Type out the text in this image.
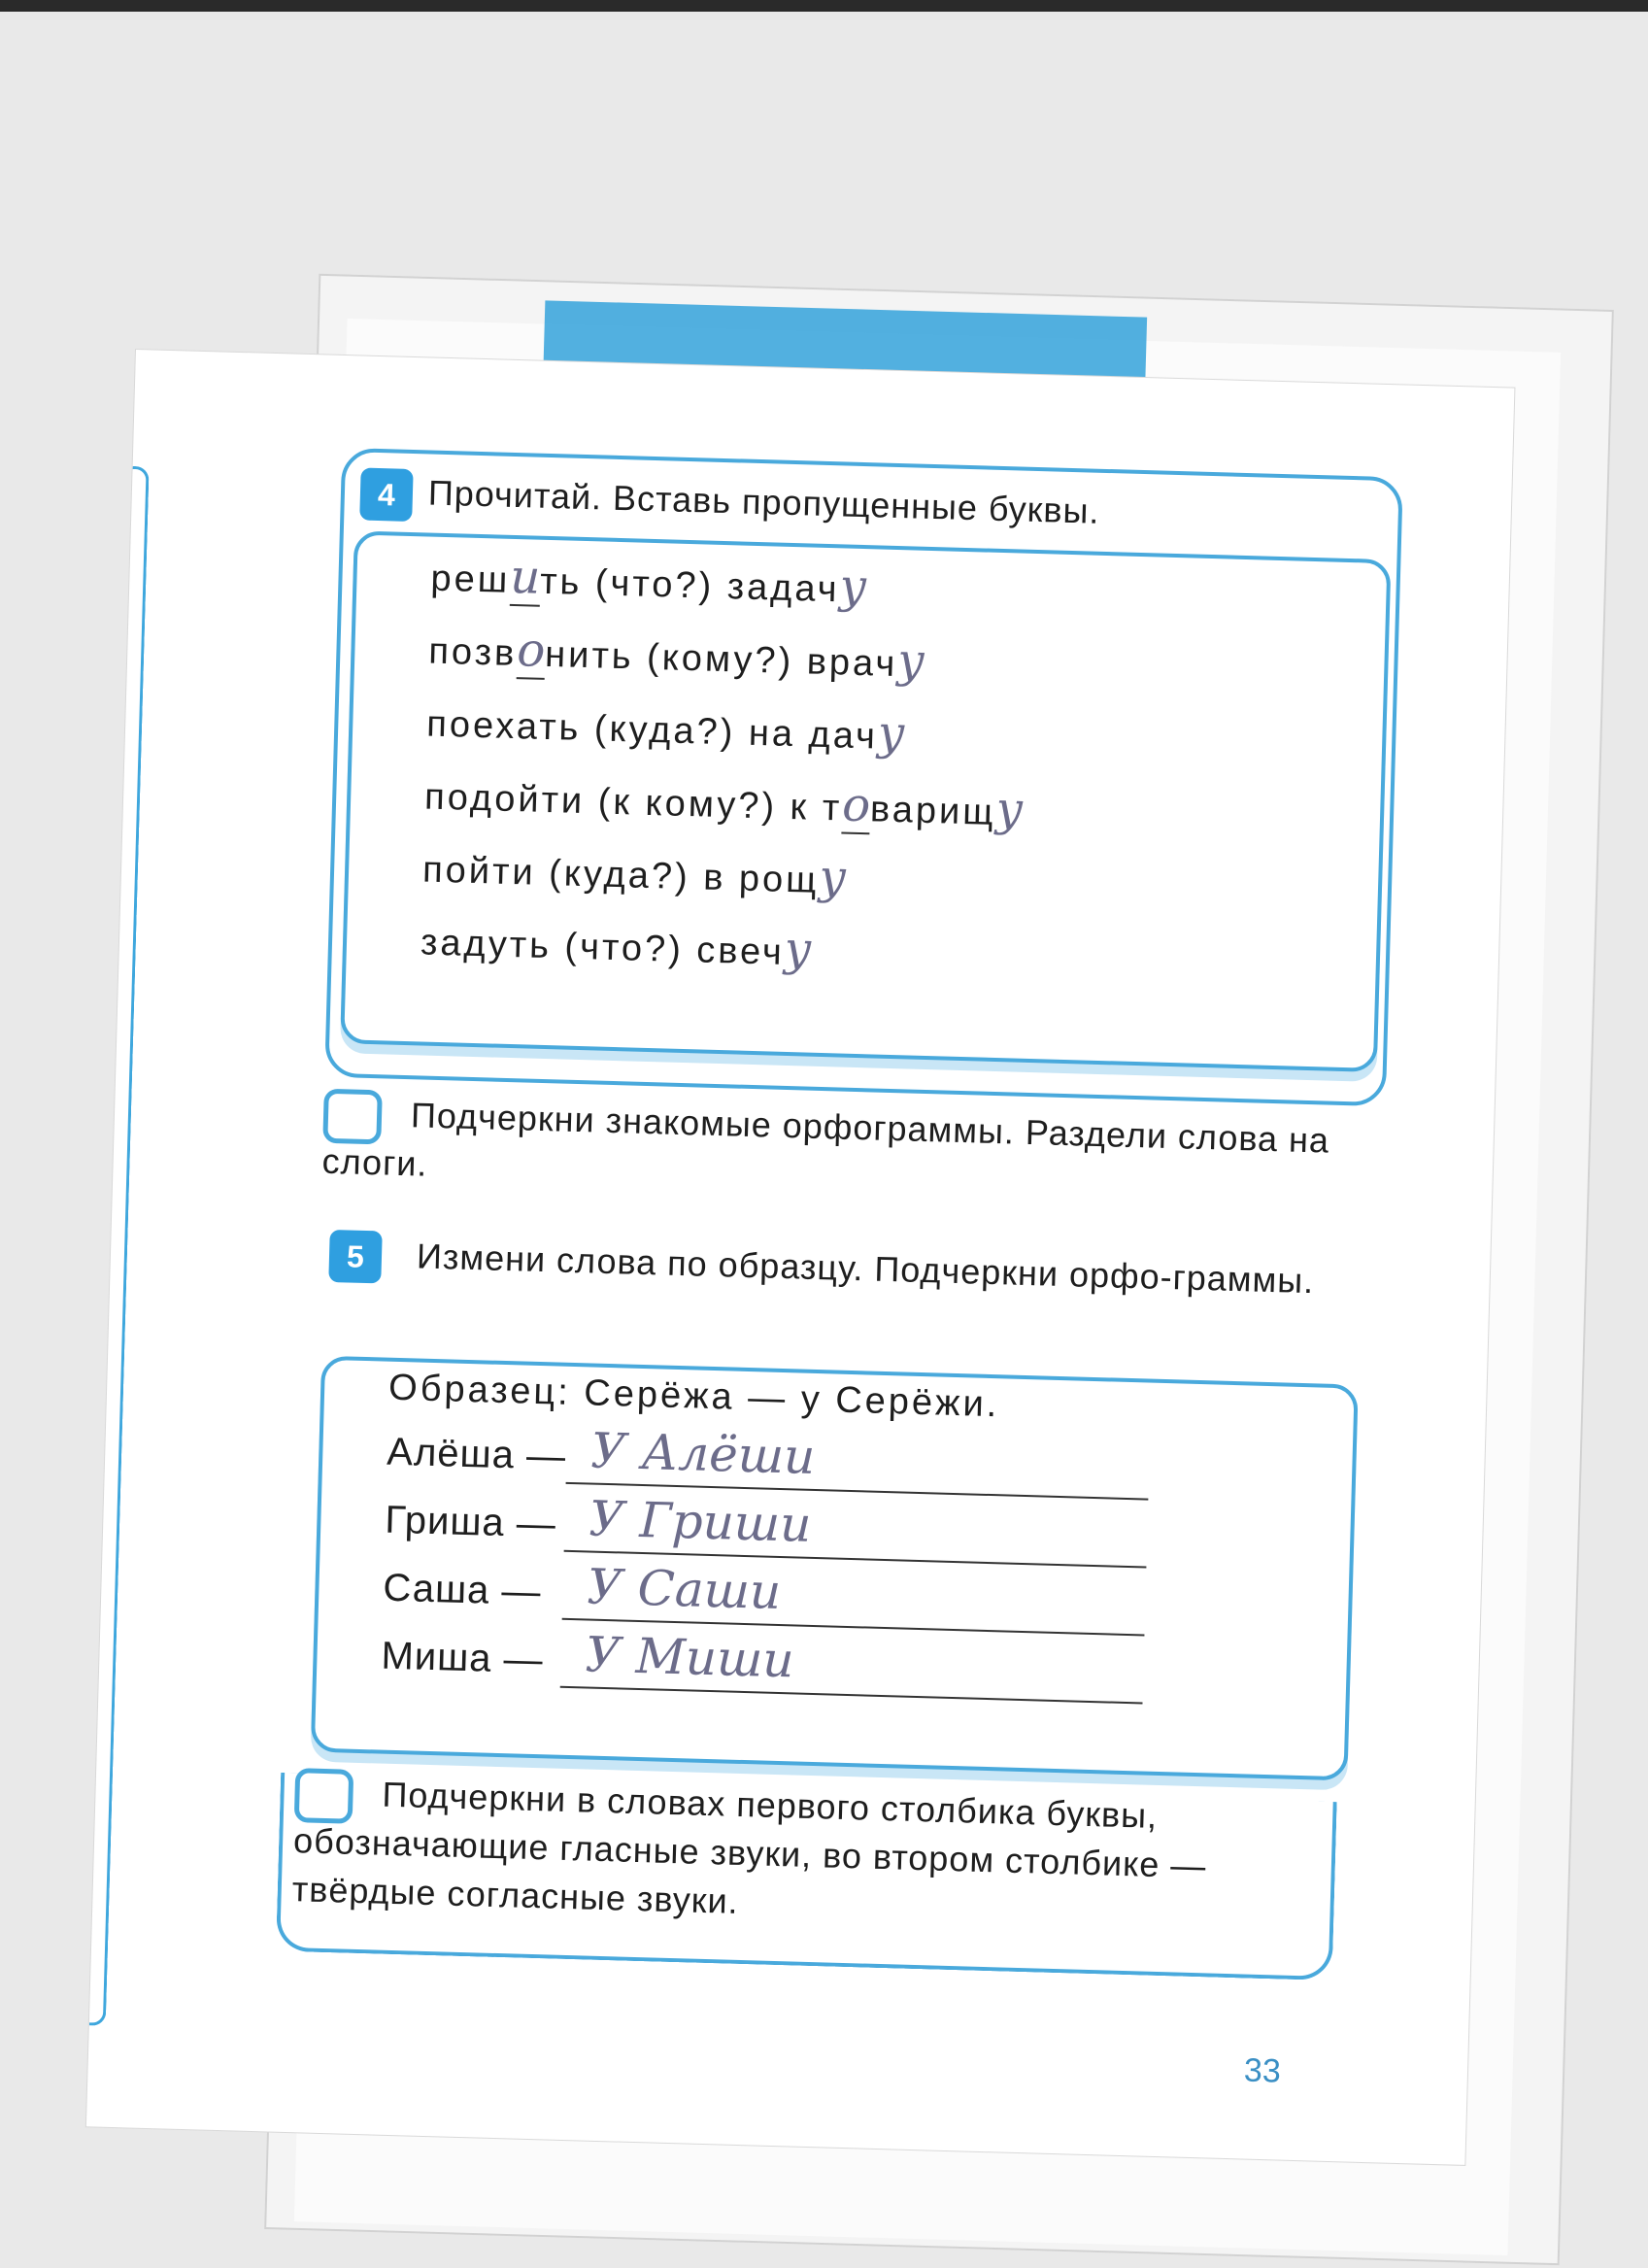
4 Прочитай. Вставь пропущенные буквы.
решить (что?) задачу
позвонить (кому?) врачу
поехать (куда?) на дачу
подойти (к кому?) к товарищу
пойти (куда?) в рощу
задуть (что?) свечу
Подчеркни знакомые орфограммы. Раздели слова на слоги.
5	Измени слова по образцу. Подчеркни орфо-граммы.
Образец: Серёжа — у Серёжи.
Алёша — У Алёши
Гриша — У Гриши
Саша — У Саши
Миша — У Миши
Подчеркни в словах первого столбика буквы, обозначающие гласные звуки, во втором столбике — твёрдые согласные звуки.
33
